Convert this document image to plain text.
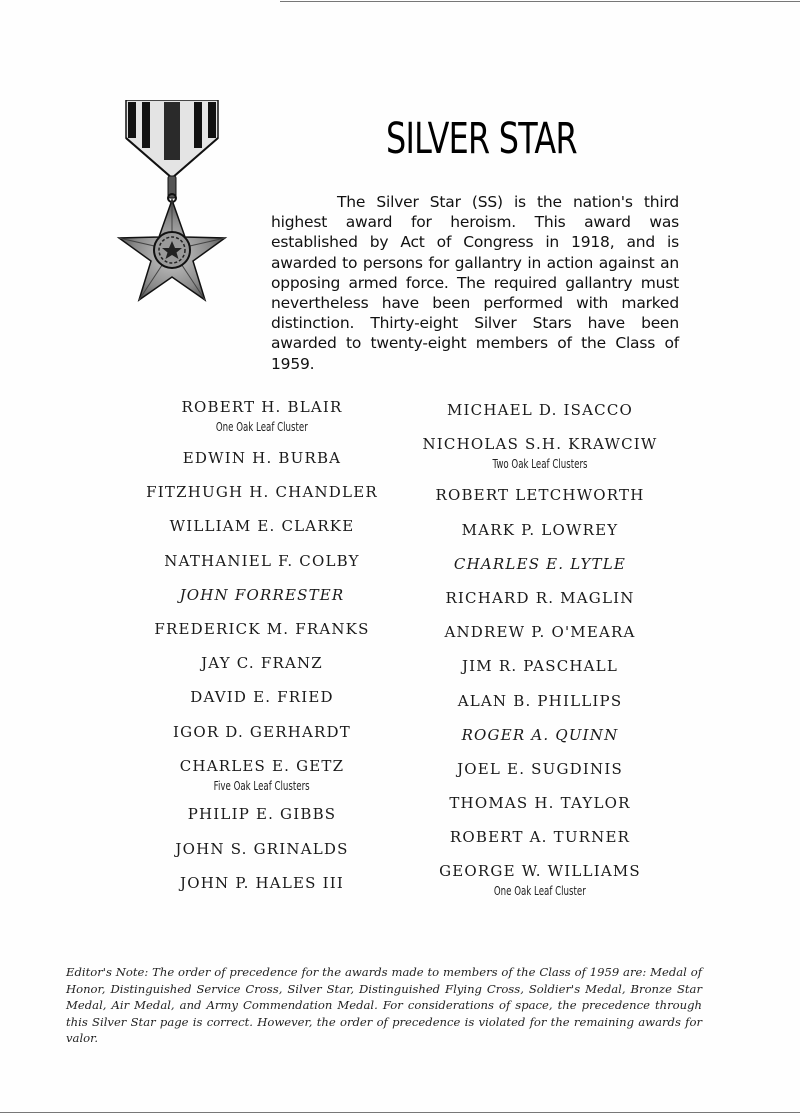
SILVER STAR
The Silver Star (SS) is the nation's third highest award for heroism. This award was established by Act of Congress in 1918, and is awarded to persons for gallantry in action against an opposing armed force. The required gallantry must nevertheless have been performed with marked distinction. Thirty-eight Silver Stars have been awarded to twenty-eight members of the Class of 1959.
ROBERT H. BLAIR
One Oak Leaf Cluster
EDWIN H. BURBA
FITZHUGH H. CHANDLER
WILLIAM E. CLARKE
NATHANIEL F. COLBY
JOHN FORRESTER
FREDERICK M. FRANKS
JAY C. FRANZ
DAVID E. FRIED
IGOR D. GERHARDT
CHARLES E. GETZ
Five Oak Leaf Clusters
PHILIP E. GIBBS
JOHN S. GRINALDS
JOHN P. HALES III
MICHAEL D. ISACCO
NICHOLAS S.H. KRAWCIW
Two Oak Leaf Clusters
ROBERT LETCHWORTH
MARK P. LOWREY
CHARLES E. LYTLE
RICHARD R. MAGLIN
ANDREW P. O'MEARA
JIM R. PASCHALL
ALAN B. PHILLIPS
ROGER A. QUINN
JOEL E. SUGDINIS
THOMAS H. TAYLOR
ROBERT A. TURNER
GEORGE W. WILLIAMS
One Oak Leaf Cluster
Editor's Note: The order of precedence for the awards made to members of the Class of 1959 are: Medal of Honor, Distinguished Service Cross, Silver Star, Distinguished Flying Cross, Soldier's Medal, Bronze Star Medal, Air Medal, and Army Commendation Medal. For considerations of space, the precedence through this Silver Star page is correct. However, the order of precedence is violated for the remaining awards for valor.
